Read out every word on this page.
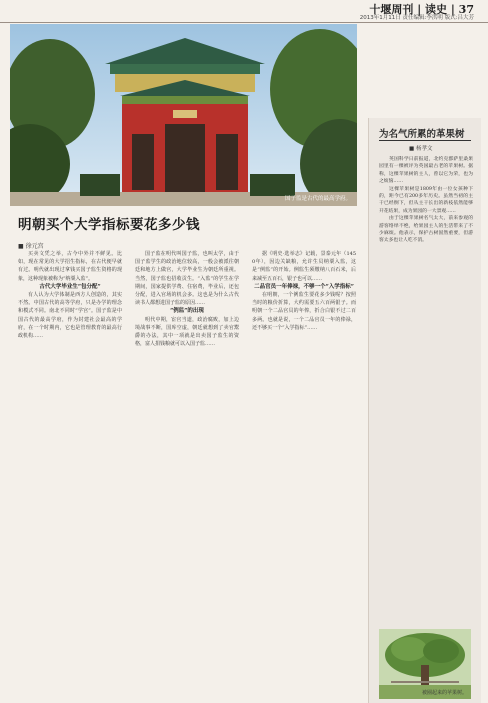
十堰周刊 | 读史 | 37
2013年1月11日 责任编辑:李洪明 版式:吕大芳
国子监是古代的最高学府。
明朝买个大学指标要花多少钱
■ 徐元宫

买卖文凭之举，古今中外并不鲜见。比如，现在常见的大学招生指标，在古代便早就有过。明代就出现过拿钱买国子监生资格的现象，这种现象被称为“纳粟入监”。

古代大学毕业生“包分配”

有人认为大学体制是西方人创造的，其实不然。中国古代的高等学府，只是办学的理念和模式不同。南北不同时“学宫”。国子监是中国古代的最高学府，作为封建社会最高的学府，在一个时期内，它也是管理教育的最高行政机构……

国子监在明代叫国子监，也叫太学，由于国子监学生的政治地位较高，一般会被派往朝廷和地方上做官，大学毕业生为朝廷所重视。当然，国子监也招收贡生。“入监”的学生在学期间，国家提供学费、住宿费，毕业后，还包分配，进入官场的机会多。这也是为什么古代读书人都想进国子监的原因……

“例监”的出现

明代中期，宦官当道，政治腐败，加上边境战事不断，国库空虚，朝廷就想到了卖官鬻爵的办法，其中一项就是出卖国子监生的资格，富人捐钱粮就可以入国子监……

据《明史·选举志》记载，景泰元年（1450年），因边关缺粮，允许生员纳粟入监，这是“例监”的开始。例监生须缴纳八百石米，后来减至五百石，银子也可以……

二品官员一年俸禄，不够一个“入学指标”

在明朝，一个例监生要花多少钱呢？按照当时的粮价折算，大约需要五六百两银子。而明朝一个二品官员的年俸，折合白银不过二百多两。也就是说，一个二品官员一年的俸禄，还不够买一个“入学指标”……

为名气所累的革果树
■ 杨孝文

英国科学日前报道，北约克郡萨里桑果园里有一棵被评为英国最古老的苹果树。据称，这棵苹果树的主人，曾以它为荣，也为之烦恼……

这棵苹果树是1809年由一位女孩种下的，距今已有200多年历史。虽然当初的主干已经倒下，但从主干长出的新枝依然能够开花结果，成为果园的一大景观……

由于这棵苹果树名气太大，前来参观的游客络绎不绝，给果园主人的生活带来了不少麻烦。他表示，保护古树固然重要，但游客太多也让人吃不消。

被圈起来的苹果树。
